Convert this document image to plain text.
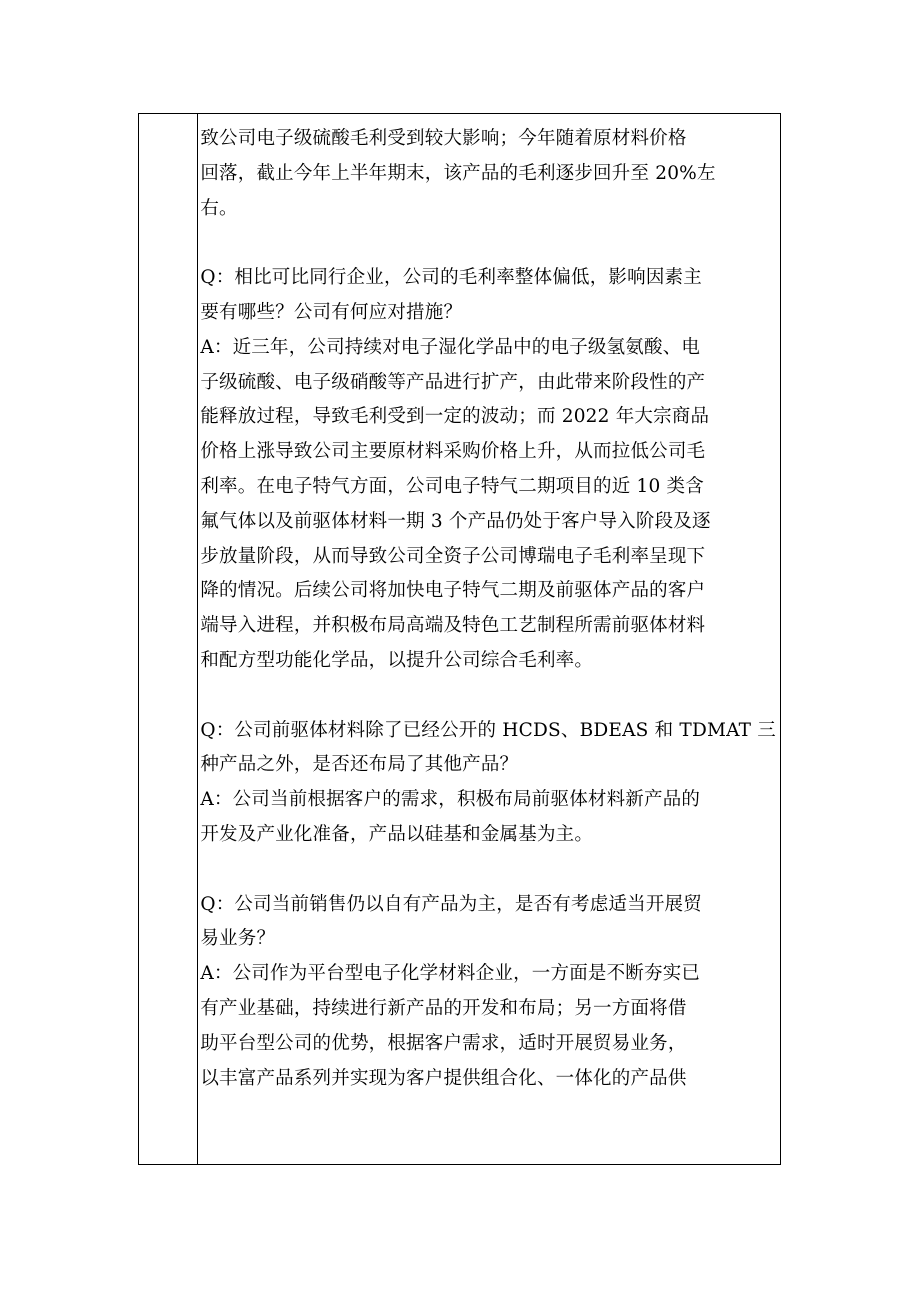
致公司电子级硫酸毛利受到较大影响；今年随着原材料价格
回落，截止今年上半年期末，该产品的毛利逐步回升至 20%左
右。
Q：相比可比同行企业，公司的毛利率整体偏低，影响因素主
要有哪些？公司有何应对措施？
A：近三年，公司持续对电子湿化学品中的电子级氢氨酸、电
子级硫酸、电子级硝酸等产品进行扩产，由此带来阶段性的产
能释放过程，导致毛利受到一定的波动；而 2022 年大宗商品
价格上涨导致公司主要原材料采购价格上升，从而拉低公司毛
利率。在电子特气方面，公司电子特气二期项目的近 10 类含
氟气体以及前驱体材料一期 3 个产品仍处于客户导入阶段及逐
步放量阶段，从而导致公司全资子公司博瑞电子毛利率呈现下
降的情况。后续公司将加快电子特气二期及前驱体产品的客户
端导入进程，并积极布局高端及特色工艺制程所需前驱体材料
和配方型功能化学品，以提升公司综合毛利率。
Q：公司前驱体材料除了已经公开的 HCDS、BDEAS 和 TDMAT 三
种产品之外，是否还布局了其他产品？
A：公司当前根据客户的需求，积极布局前驱体材料新产品的
开发及产业化准备，产品以硅基和金属基为主。
Q：公司当前销售仍以自有产品为主，是否有考虑适当开展贸
易业务？
A：公司作为平台型电子化学材料企业，一方面是不断夯实已
有产业基础，持续进行新产品的开发和布局；另一方面将借
助平台型公司的优势，根据客户需求，适时开展贸易业务，
以丰富产品系列并实现为客户提供组合化、一体化的产品供
